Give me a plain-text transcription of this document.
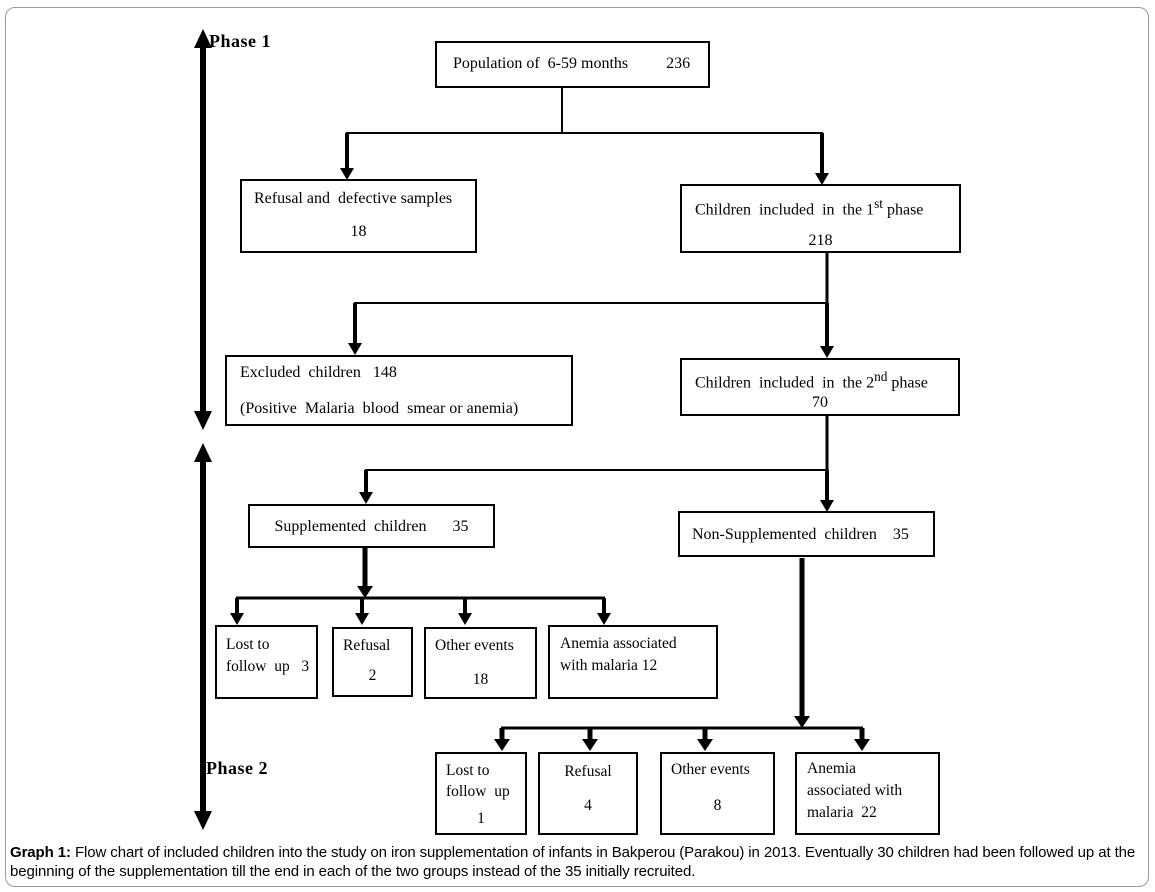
Phase 1
Phase 2
Population of  6-59 months 236
Refusal and  defective samples
18
Children  included  in  the 1st phase
218
Excluded  children   148
(Positive  Malaria  blood  smear or anemia)
Children  included  in  the 2nd phase
70
Supplemented  children 35	Non-Supplemented  children 35
Lost to
follow  up   3
Refusal
2
Other events
18
Anemia associated
with malaria 12
Lost to
follow  up
1
Refusal
4
Other events
8
Anemia
associated with
malaria  22
Graph 1: Flow chart of included children into the study on iron supplementation of infants in Bakperou (Parakou) in 2013. Eventually 30 children had been followed up at the beginning of the supplementation till the end in each of the two groups instead of the 35 initially recruited.
